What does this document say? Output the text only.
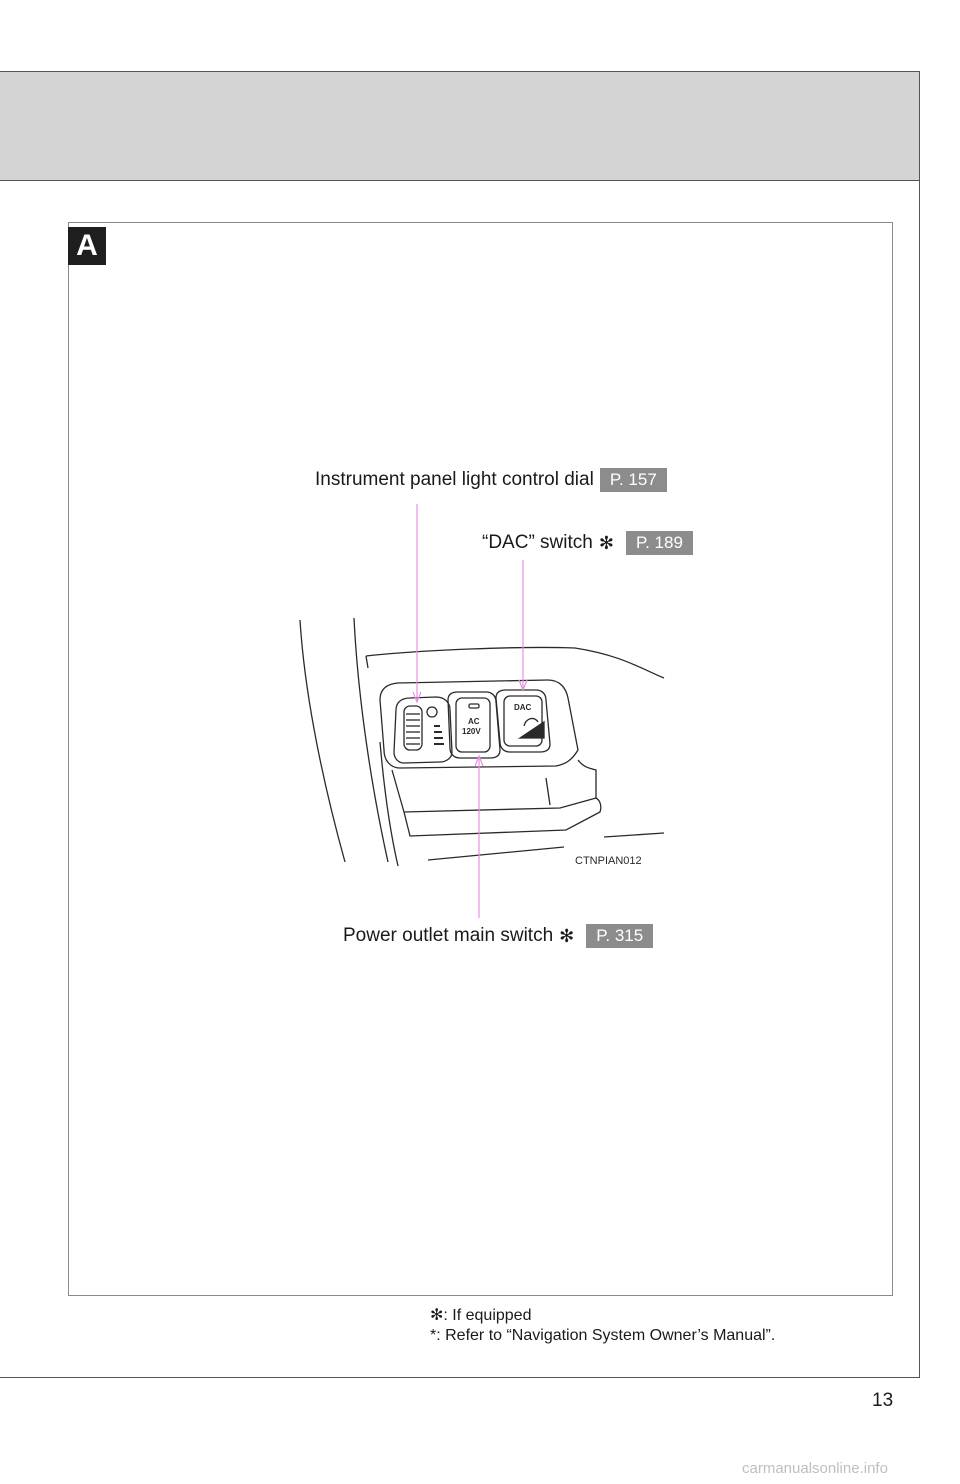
A
Instrument panel light control dial P. 157
“DAC” switch ✻	P. 189
Power outlet main switch ✻	P. 315
AC
120V
DAC
CTNPIAN012
✻: If equipped
*: Refer to “Navigation System Owner’s Manual”.
13
carmanualsonline.info
